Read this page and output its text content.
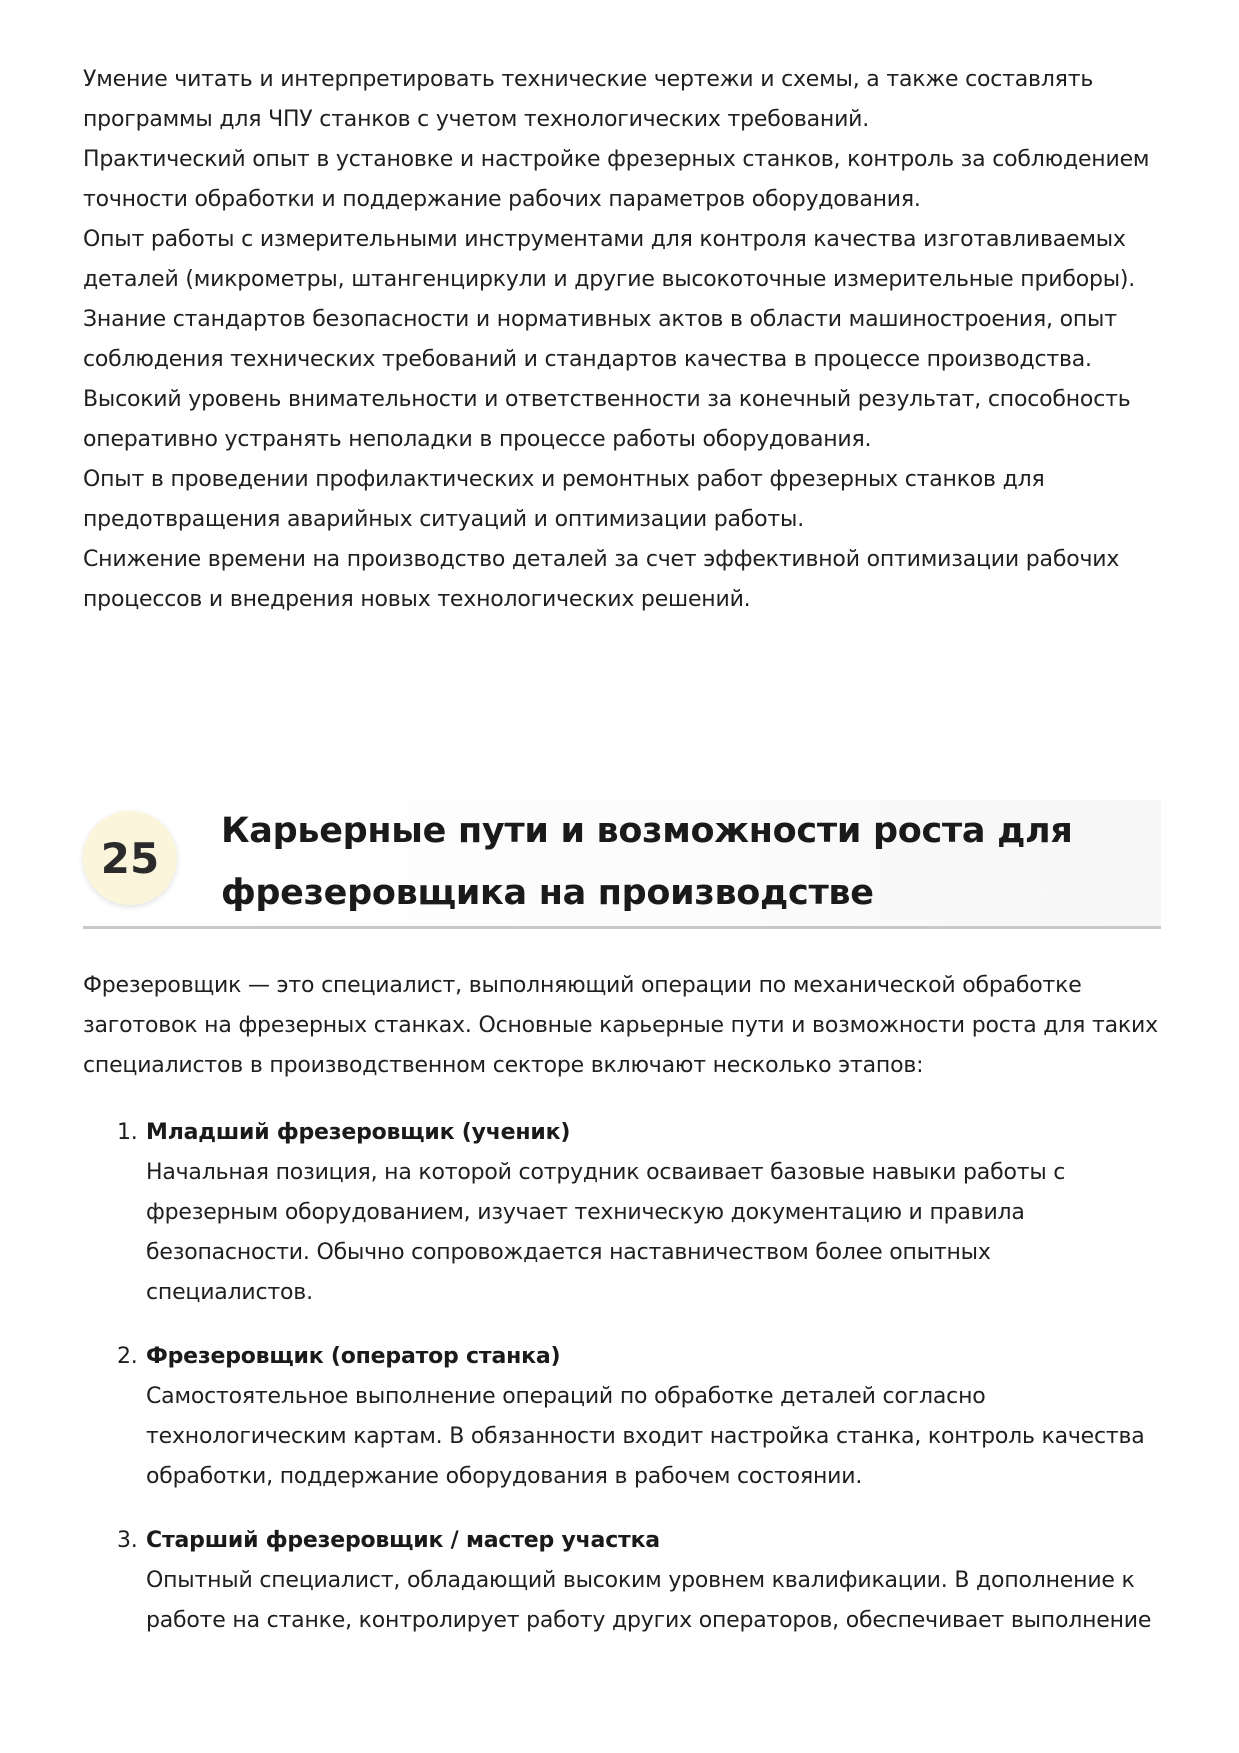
Умение читать и интерпретировать технические чертежи и схемы, а также составлять
программы для ЧПУ станков с учетом технологических требований.
Практический опыт в установке и настройке фрезерных станков, контроль за соблюдением
точности обработки и поддержание рабочих параметров оборудования.
Опыт работы с измерительными инструментами для контроля качества изготавливаемых
деталей (микрометры, штангенциркули и другие высокоточные измерительные приборы).
Знание стандартов безопасности и нормативных актов в области машиностроения, опыт
соблюдения технических требований и стандартов качества в процессе производства.
Высокий уровень внимательности и ответственности за конечный результат, способность
оперативно устранять неполадки в процессе работы оборудования.
Опыт в проведении профилактических и ремонтных работ фрезерных станков для
предотвращения аварийных ситуаций и оптимизации работы.
Снижение времени на производство деталей за счет эффективной оптимизации рабочих
процессов и внедрения новых технологических решений.
25
Карьерные пути и возможности роста для
фрезеровщика на производстве
Фрезеровщик — это специалист, выполняющий операции по механической обработке
заготовок на фрезерных станках. Основные карьерные пути и возможности роста для таких
специалистов в производственном секторе включают несколько этапов:
1. Младший фрезеровщик (ученик)
Начальная позиция, на которой сотрудник осваивает базовые навыки работы с
фрезерным оборудованием, изучает техническую документацию и правила
безопасности. Обычно сопровождается наставничеством более опытных
специалистов.
2. Фрезеровщик (оператор станка)
Самостоятельное выполнение операций по обработке деталей согласно
технологическим картам. В обязанности входит настройка станка, контроль качества
обработки, поддержание оборудования в рабочем состоянии.
3. Старший фрезеровщик / мастер участка
Опытный специалист, обладающий высоким уровнем квалификации. В дополнение к
работе на станке, контролирует работу других операторов, обеспечивает выполнение
